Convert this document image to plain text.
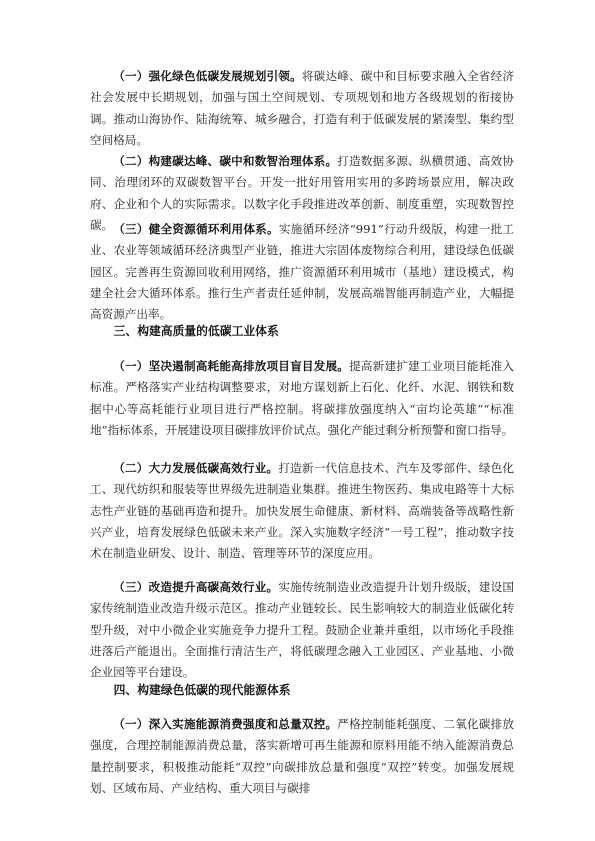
（一）强化绿色低碳发展规划引领。将碳达峰、碳中和目标要求融入全省经济社会发展中长期规划，加强与国土空间规划、专项规划和地方各级规划的衔接协调。推动山海协作、陆海统筹、城乡融合，打造有利于低碳发展的紧凑型、集约型空间格局。

（二）构建碳达峰、碳中和数智治理体系。打造数据多源、纵横贯通、高效协同、治理闭环的双碳数智平台。开发一批好用管用实用的多跨场景应用，解决政府、企业和个人的实际需求。以数字化手段推进改革创新、制度重塑，实现数智控碳。 （三）健全资源循环利用体系。实施循环经济“991”行动升级版，构建一批工业、农业等领域循环经济典型产业链，推进大宗固体废物综合利用，建设绿色低碳园区。完善再生资源回收利用网络，推广资源循环利用城市（基地）建设模式，构建全社会大循环体系。推行生产者责任延伸制，发展高端智能再制造产业，大幅提高资源产出率。

三、构建高质量的低碳工业体系

（一）坚决遏制高耗能高排放项目盲目发展。提高新建扩建工业项目能耗准入标准。严格落实产业结构调整要求，对地方谋划新上石化、化纤、水泥、钢铁和数据中心等高耗能行业项目进行严格控制。将碳排放强度纳入“亩均论英雄”“标准地”指标体系，开展建设项目碳排放评价试点。强化产能过剩分析预警和窗口指导。

（二）大力发展低碳高效行业。打造新一代信息技术、汽车及零部件、绿色化工、现代纺织和服装等世界级先进制造业集群。推进生物医药、集成电路等十大标志性产业链的基础再造和提升。加快发展生命健康、新材料、高端装备等战略性新兴产业，培育发展绿色低碳未来产业。深入实施数字经济“一号工程”，推动数字技术在制造业研发、设计、制造、管理等环节的深度应用。

（三）改造提升高碳高效行业。实施传统制造业改造提升计划升级版，建设国家传统制造业改造升级示范区。推动产业链较长、民生影响较大的制造业低碳化转型升级，对中小微企业实施竞争力提升工程。鼓励企业兼并重组，以市场化手段推进落后产能退出。全面推行清洁生产，将低碳理念融入工业园区、产业基地、小微企业园等平台建设。

四、构建绿色低碳的现代能源体系

（一）深入实施能源消费强度和总量双控。严格控制能耗强度、二氧化碳排放强度，合理控制能源消费总量，落实新增可再生能源和原料用能不纳入能源消费总量控制要求，积极推动能耗“双控”向碳排放总量和强度“双控”转变。加强发展规划、区域布局、产业结构、重大项目与碳排
